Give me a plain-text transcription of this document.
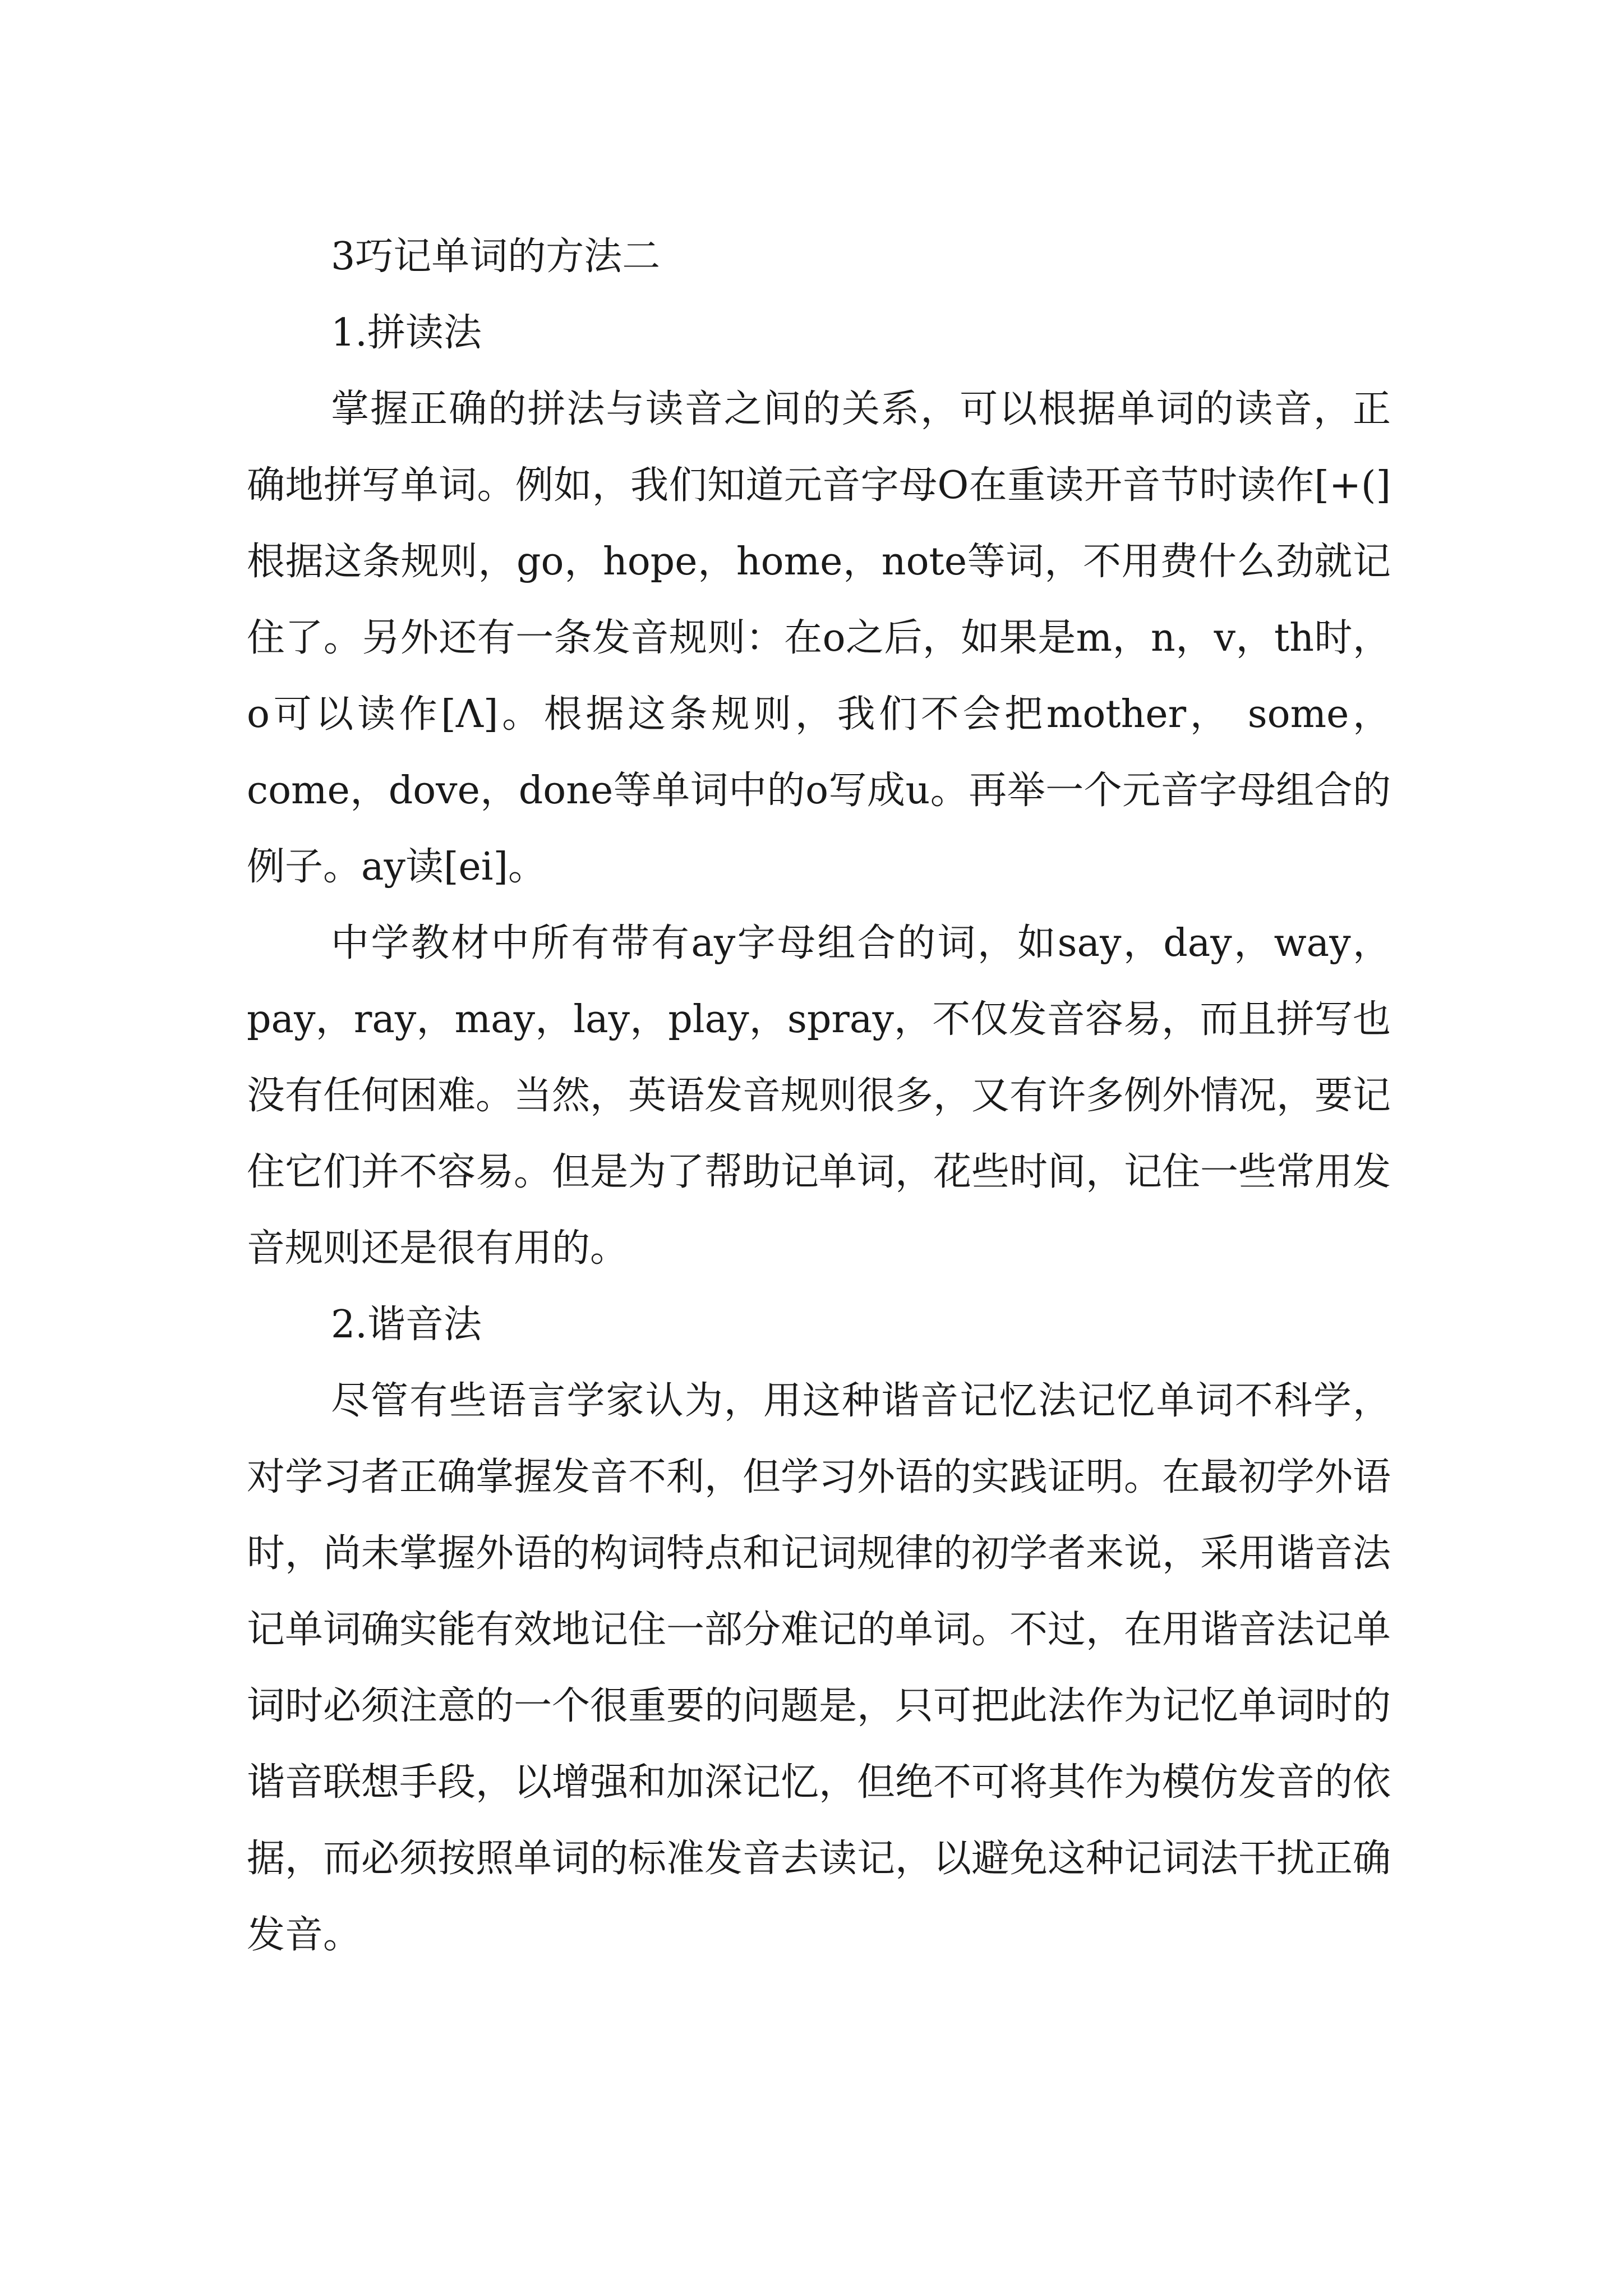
3巧记单词的方法二

1.拼读法

掌握正确的拼法与读音之间的关系，可以根据单词的读音，正确地拼写单词。例如，我们知道元音字母O在重读开音节时读作[+(]根据这条规则，go，hope，home，note等词，不用费什么劲就记住了。另外还有一条发音规则：在o之后，如果是m，n，v，th时，o可以读作[Λ]。根据这条规则，我们不会把mother， some， come，dove，done等单词中的o写成u。再举一个元音字母组合的例子。ay读[ei]。

中学教材中所有带有ay字母组合的词，如say，day，way，pay，ray，may，lay，play，spray，不仅发音容易，而且拼写也没有任何困难。当然，英语发音规则很多，又有许多例外情况，要记住它们并不容易。但是为了帮助记单词，花些时间，记住一些常用发音规则还是很有用的。

2.谐音法

尽管有些语言学家认为，用这种谐音记忆法记忆单词不科学，对学习者正确掌握发音不利，但学习外语的实践证明。在最初学外语时，尚未掌握外语的构词特点和记词规律的初学者来说，采用谐音法记单词确实能有效地记住一部分难记的单词。不过，在用谐音法记单词时必须注意的一个很重要的问题是，只可把此法作为记忆单词时的谐音联想手段，以增强和加深记忆，但绝不可将其作为模仿发音的依据，而必须按照单词的标准发音去读记，以避免这种记词法干扰正确发音。
